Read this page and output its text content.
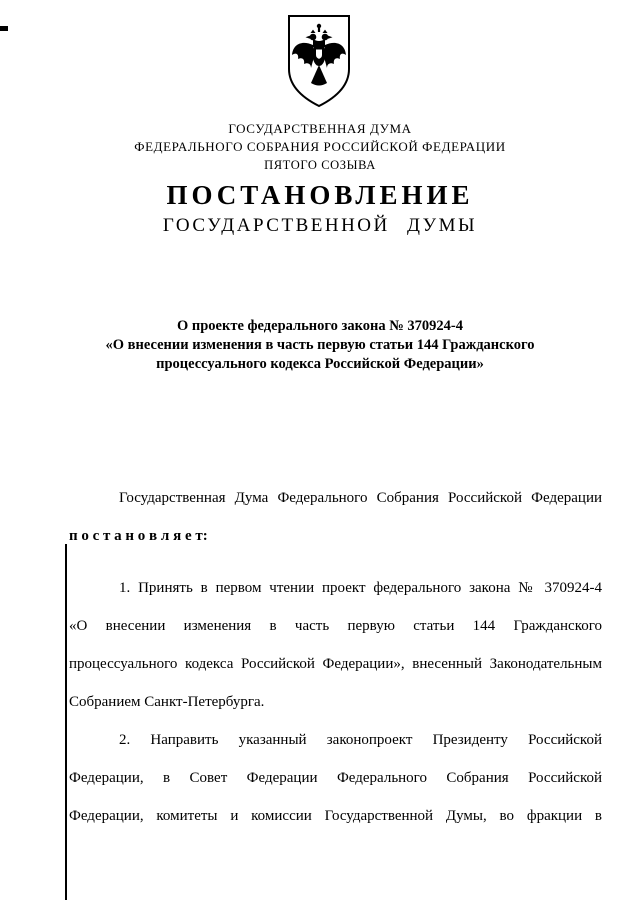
ГОСУДАРСТВЕННАЯ ДУМА
ФЕДЕРАЛЬНОГО СОБРАНИЯ РОССИЙСКОЙ ФЕДЕРАЦИИ
ПЯТОГО СОЗЫВА
ПОСТАНОВЛЕНИЕ
ГОСУДАРСТВЕННОЙ ДУМЫ
О проекте федерального закона № 370924-4
«О внесении изменения в часть первую статьи 144 Гражданского
процессуального кодекса Российской Федерации»
Государственная Дума Федерального Собрания Российской Федерации
п о с т а н о в л я е т:
1. Принять в первом чтении проект федерального закона № 370924-4
«О внесении изменения в часть первую статьи 144 Гражданского
процессуального кодекса Российской Федерации», внесенный Законодательным
Собранием Санкт-Петербурга.
2. Направить указанный законопроект Президенту Российской
Федерации, в Совет Федерации Федерального Собрания Российской
Федерации, комитеты и комиссии Государственной Думы, во фракции в
